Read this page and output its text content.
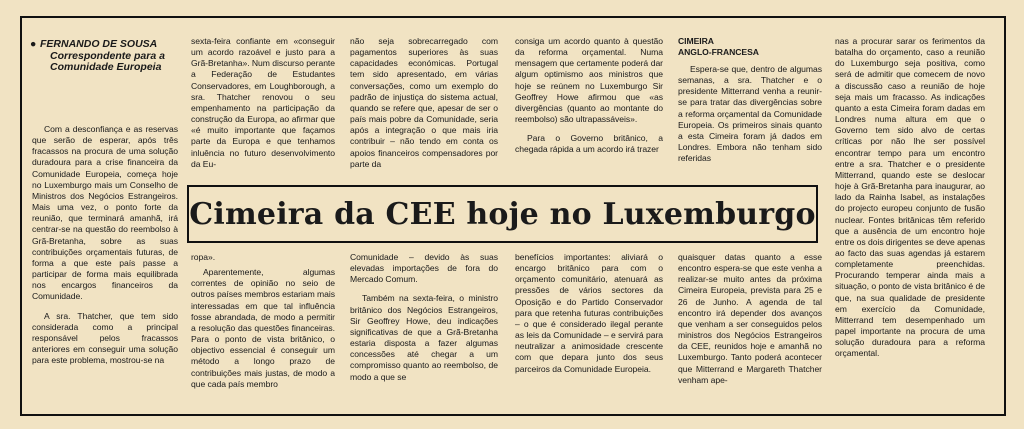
● FERNANDO DE SOUSA
Correspondente para a Comunidade Europeia

Com a desconfiança e as reservas que serão de esperar, após três fracassos na procura de uma solução duradoura para a crise financeira da Comunidade Europeia, começa hoje no Luxemburgo mais um Conselho de Ministros dos Negócios Estrangeiros. Mais uma vez, o ponto forte da reunião, que terminará amanhã, irá centrar-se na questão do reembolso à Grã-Bretanha, sobre as suas contribuições orçamentais futuras, de forma a que este país passe a participar de forma mais equilibrada nos encargos financeiros da Comunidade.

A sra. Thatcher, que tem sido considerada como a principal responsável pelos fracassos anteriores em conseguir uma solução para este problema, mostrou-se na

sexta-feira confiante em «conseguir um acordo razoável e justo para a Grã-Bretanha». Num discurso perante a Federação de Estudantes Conservadores, em Loughborough, a sra. Thatcher renovou o seu empenhamento na participação da construção da Europa, ao afirmar que «é muito importante que façamos parte da Europa e que tenhamos inluência no futuro desenvolvimento da Eu-

não seja sobrecarregado com pagamentos superiores às suas capacidades económicas. Portugal tem sido apresentado, em várias conversações, como um exemplo do padrão de injustiça do sistema actual, quando se refere que, apesar de ser o país mais pobre da Comunidade, seria após a integração o que mais iria contribuir – não tendo em conta os apoios financeiros compensadores por parte da

consiga um acordo quanto à questão da reforma orçamental. Numa mensagem que certamente poderá dar algum optimismo aos ministros que hoje se reúnem no Luxemburgo Sir Geoffrey Howe afirmou que «as divergências (quanto ao montante do reembolso) são ultrapassáveis».

Para o Governo britânico, a chegada rápida a um acordo irá trazer

CIMEIRA

ANGLO-FRANCESA

Espera-se que, dentro de algumas semanas, a sra. Thatcher e o presidente Mitterrand venha a reunir-se para tratar das divergências sobre a reforma orçamental da Comunidade Europeia. Os primeiros sinais quanto a esta Cimeira foram já dados em Londres. Embora não tenham sido referidas

nas a procurar sarar os ferimentos da batalha do orçamento, caso a reunião do Luxemburgo seja positiva, como será de admitir que comecem de novo a discussão caso a reunião de hoje seja mais um fracasso. As indicações quanto a esta Cimeira foram dadas em Londres numa altura em que o Governo tem sido alvo de certas críticas por não lhe ser possível encontrar tempo para um encontro entre a sra. Thatcher e o presidente Mitterrand, quando este se deslocar hoje à Grã-Bretanha para inaugurar, ao lado da Rainha Isabel, as instalações do projecto europeu conjunto de fusão nuclear. Fontes britânicas têm referido que a ausência de um encontro hoje entre os dois dirigentes se deve apenas ao facto das suas agendas já estarem completamente preenchidas. Procurando temperar ainda mais a situação, o ponto de vista britânico é de que, na sua qualidade de presidente em exercício da Comunidade, Mitterrand tem desempenhado um papel importante na procura de uma solução duradoura para a reforma orçamental.

Cimeira da CEE hoje no Luxemburgo

ropa».

Aparentemente, algumas correntes de opinião no seio de outros países membros estariam mais interessadas em que tal influência fosse abrandada, de modo a permitir a resolução das questões financeiras. Para o ponto de vista britânico, o objectivo essencial é conseguir um método a longo prazo de contribuições mais justas, de modo a que cada país membro

Comunidade – devido às suas elevadas importações de fora do Mercado Comum.

Também na sexta-feira, o ministro britânico dos Negócios Estrangeiros, Sir Geoffrey Howe, deu indicações significativas de que a Grã-Bretanha estaria disposta a fazer algumas concessões até chegar a um compromisso quanto ao reembolso, de modo a que se

benefícios importantes: aliviará o encargo britânico para com o orçamento comunitário, atenuará as pressões de vários sectores da Oposição e do Partido Conservador para que retenha futuras contribuições – o que é considerado ilegal perante as leis da Comunidade – e servirá para neutralizar a animosidade crescente com que depara junto dos seus parceiros da Comunidade Europeia.

quaisquer datas quanto a esse encontro espera-se que este venha a realizar-se muito antes da próxima Cimeira Europeia, prevista para 25 e 26 de Junho. A agenda de tal encontro irá depender dos avanços que venham a ser conseguidos pelos ministros dos Negócios Estrangeiros da CEE, reunidos hoje e amanhã no Luxemburgo. Tanto poderá acontecer que Mitterrand e Margareth Thatcher venham ape-
